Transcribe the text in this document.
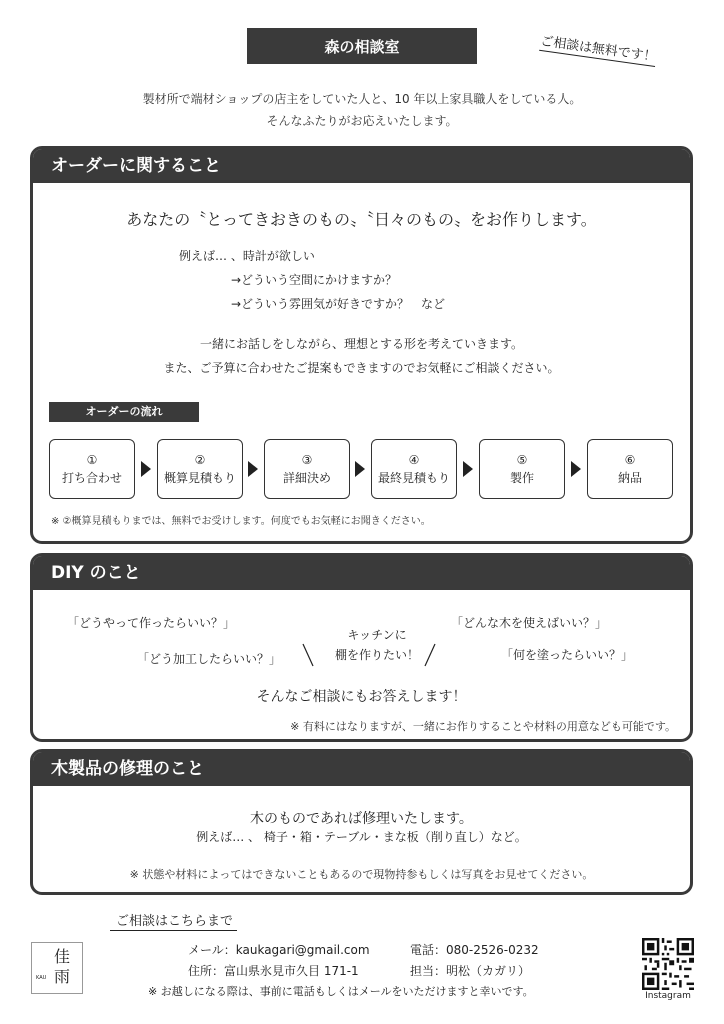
森の相談室	ご相談は無料です！
製材所で端材ショップの店主をしていた人と、10 年以上家具職人をしている人。
そんなふたりがお応えいたします。
オーダーに関すること
あなたの〝とってきおきのもの〟〝日々のもの〟をお作りします。
例えば… 、時計が欲しい
→どういう空間にかけますか？
→どういう雰囲気が好きですか？　など
一緒にお話しをしながら、理想とする形を考えていきます。
また、ご予算に合わせたご提案もできますのでお気軽にご相談ください。
オーダーの流れ
①
打ち合わせ
②
概算見積もり
③
詳細決め
④
最終見積もり
⑤
製作
⑥
納品
※ ②概算見積もりまでは、無料でお受けします。何度でもお気軽にお聞きください。
DIY のこと
「どうやって作ったらいい？」
「どう加工したらいい？」
キッチンに
棚を作りたい！
「どんな木を使えばいい？」
「何を塗ったらいい？」
そんなご相談にもお答えします！
※ 有料にはなりますが、一緒にお作りすることや材料の用意なども可能です。
木製品の修理のこと
木のものであれば修理いたします。
例えば… 、 椅子・箱・テーブル・まな板（削り直し）など。
※ 状態や材料によってはできないこともあるので現物持参もしくは写真をお見せてください。
ご相談はこちらまで
佳雨
KAU
メール：kaukagari@gmail.com	電話：080-2526-0232
住所：富山県氷見市久目 171-1	担当：明松（カガリ）
※ お越しになる際は、事前に電話もしくはメールをいただけますと幸いです。	Instagram
